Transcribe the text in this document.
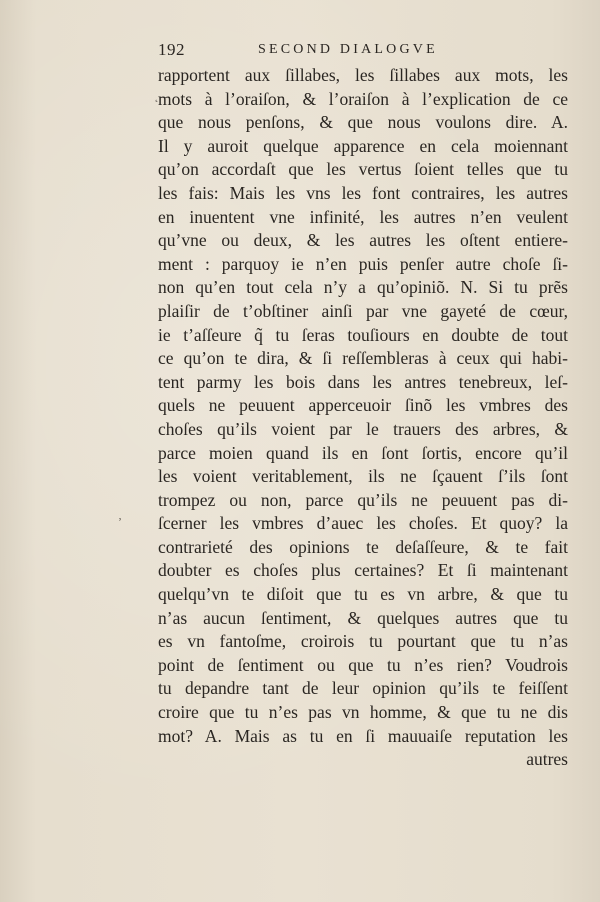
192	SECOND DIALOGVE
rapportent aux ſillabes, les ſillabes aux mots, les
mots à l’oraiſon, & l’oraiſon à l’explication de ce
que nous penſons, & que nous voulons dire. A.
Il y auroit quelque apparence en cela moiennant
qu’on accordaſt que les vertus ſoient telles que tu
les fais: Mais les vns les font contraires, les autres
en inuentent vne infinité, les autres n’en veulent
qu’vne ou deux, & les autres les oſtent entiere-
ment : parquoy ie n’en puis penſer autre choſe ſi-
non qu’en tout cela n’y a qu’opiniõ. N. Si tu prẽs
plaiſir de t’obſtiner ainſi par vne gayeté de cœur,
ie t’aſſeure q̃ tu ſeras touſiours en doubte de tout
ce qu’on te dira, & ſi reſſembleras à ceux qui habi-
tent parmy les bois dans les antres tenebreux, leſ-
quels ne peuuent apperceuoir ſinõ les vmbres des
choſes qu’ils voient par le trauers des arbres, &
parce moien quand ils en ſont ſortis, encore qu’il
les voient veritablement, ils ne ſçauent ſ’ils ſont
trompez ou non, parce qu’ils ne peuuent pas di-
ſcerner les vmbres d’auec les choſes. Et quoy? la
contrarieté des opinions te deſaſſeure, & te fait
doubter es choſes plus certaines? Et ſi maintenant
quelqu’vn te diſoit que tu es vn arbre, & que tu
n’as aucun ſentiment, & quelques autres que tu
es vn fantoſme, croirois tu pourtant que tu n’as
point de ſentiment ou que tu n’es rien? Voudrois
tu depandre tant de leur opinion qu’ils te feiſſent
croire que tu n’es pas vn homme, & que tu ne dis
mot? A. Mais as tu en ſi mauuaiſe reputation les
autres
˛
‚
